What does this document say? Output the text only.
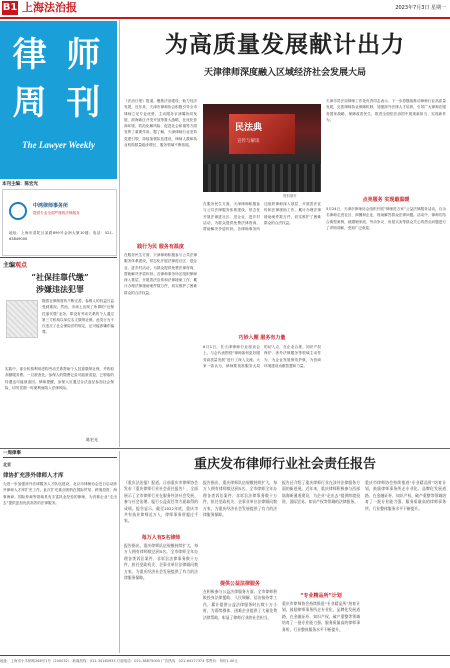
B1 上海法治报	2023年7月3日 星期一
律 师
周 刊
The Lawyer Weekly
本刊主编：陈宏光
中鸿律师事务所
提供专业全面严谨的法律服务
地址：上海市普陀区某路899号金润大厦10楼；电话：021-63849000
主编观点
“社保挂靠代缴”
涉嫌违法犯罪
随着社保制度的不断完善，参保人的权益日益受到重视。然而，市场上出现了所谓的“社保挂靠代缴”业务，即没有劳动关系的个人通过第三方机构以单位名义缴纳社保。此类行为不仅违反了社会保险法的规定，还可能涉嫌诈骗罪。
实践中，部分机构利用虚构劳动关系帮助个人挂靠缴纳社保，并收取高额服务费。一旦被查处，参保人的缴费记录可能被清退，已领取的待遇也可能被追回。律师提醒，参保人应通过合法途径参加社会保险，切勿贪图一时便利而陷入法律风险。
陈宏光
为高质量发展献计出力
天津律师深度融入区域经济社会发展大局
《法治日报》报道，聚焦法治建设，助力经济发展，近年来，天津市律师协会积极引导全市律师立足专业优势，主动服务京津冀协同发展、滨海新区开发开放等重大战略，在优化营商环境、防范化解风险、促进社会和谐等方面发挥了重要作用。据了解，天津律师行业坚持党建引领，持续加强队伍建设，律师人数和执业机构数量稳步增长，服务领域不断拓展。
践行为民 服务有温度
在服务民生方面，天津律师积极参与公共法律服务体系建设，常态化开展法律进社区、进企业、进乡村活动，为群众提供免费法律咨询，帮助解决矛盾纠纷。各律师事务所还组织律师深入基层，开展普法宣传和法律援助工作，累计办理法律援助案件数万件，切实维护了困难群众的合法权益。
民法典
宣传与解读
资料图片
在服务民生方面，天津律师积极参与公共法律服务体系建设，常态化开展法律进社区、进企业、进乡村活动，为群众提供免费法律咨询，帮助解决矛盾纠纷。各律师事务所还组织律师深入基层，开展普法宣传和法律援助工作，累计办理法律援助案件数万件，切实维护了困难群众的合法权益。
巧妙入题 服务有力量
6月1日，在天津律师行业座谈会上，与会代表围绕“律师如何更好服务高质量发展”进行了深入交流。大家一致认为，律师要找准服务大局的切入点，在企业合规、知识产权保护、涉外法律服务等领域主动作为，为企业发展保驾护航，为营商环境建设贡献智慧和力量。
天津市司法局律师工作处负责同志表示，下一步将继续推动律师行业高质量发展，完善律师执业保障机制，加强涉外法律人才培养，引导广大律师在服务国家战略、保障改善民生、推进全面依法治国中展现新担当、实现新作为。
点亮服务 实现最温暖
5月24日，天津市律师协会组织开展“律师进万家”公益法律服务活动，百余名律师走进社区、商圈和企业，现场解答群众法律问题。活动中，律师们结合典型案例，就婚姻家庭、劳动争议、房屋买卖等群众关心的热点问题进行了详细讲解，受到广泛欢迎。
一周律事
北京
律协扩充涉外律师人才库
为进一步加强涉外法律服务人才队伍建设，北京市律师协会近日启动涉外律师人才库扩充工作。此次扩充重点吸纳在国际贸易、跨境投资、海事海商、国际仲裁等领域具有丰富执业经验的律师，为首都企业“走出去”提供更加优质高效的法律服务。
重庆发布律师行业社会责任报告
《重庆法治报》报道，日前重庆市律师协会发布《重庆律师行业社会责任报告》，全面展示了全市律师行业在服务经济社会发展、参与社会治理、履行公益责任等方面取得的成绩。报告显示，截至2022年底，重庆市共有执业律师近万人，律师事务所超过千家。
每万人有5名律师
报告指出，重庆律师队伍规模持续扩大，每万人拥有律师数达到5名。全市律师全年办理各类诉讼案件、非诉讼法律事务数十万件，担任党政机关、企事业单位法律顾问数万家，为重庆经济社会发展提供了有力的法律服务保障。
报告指出，重庆律师队伍规模持续扩大，每万人拥有律师数达到5名。全市律师全年办理各类诉讼案件、非诉讼法律事务数十万件，担任党政机关、企事业单位法律顾问数万家，为重庆经济社会发展提供了有力的法律服务保障。
提供公益法律服务
在积极参与公益法律服务方面，全市律师积极投身法律援助、人民调解、信访接待等工作，累计提供公益法律服务时长数十万小时，为弱势群体、困难企业提供了大量免费法律帮助，彰显了律师行业的社会担当。
报告还介绍了重庆律师行业在涉外法律服务方面的新进展。近年来，重庆律师积极参与西部陆海新通道建设，为企业“走出去”提供跨境投资、国际贸易、知识产权等领域的法律服务。
“专业精品所”计划
重庆市律师协会持续推进“专业精品所”培育计划，鼓励律师事务所走专业化、品牌化发展道路，在金融证券、知识产权、破产重整等领域培育了一批专业能力强、服务质量高的律师事务所，行业整体服务水平不断提升。
重庆市律师协会持续推进“专业精品所”培育计划，鼓励律师事务所走专业化、品牌化发展道路，在金融证券、知识产权、破产重整等领域培育了一批专业能力强、服务质量高的律师事务所，行业整体服务水平不断提升。
地址：上海市小木桥路268号1号（200032） 新闻热线：021-34160933 订阅电话：021-38875000 广告热线：021-64177374 零售价：每份1.00元
